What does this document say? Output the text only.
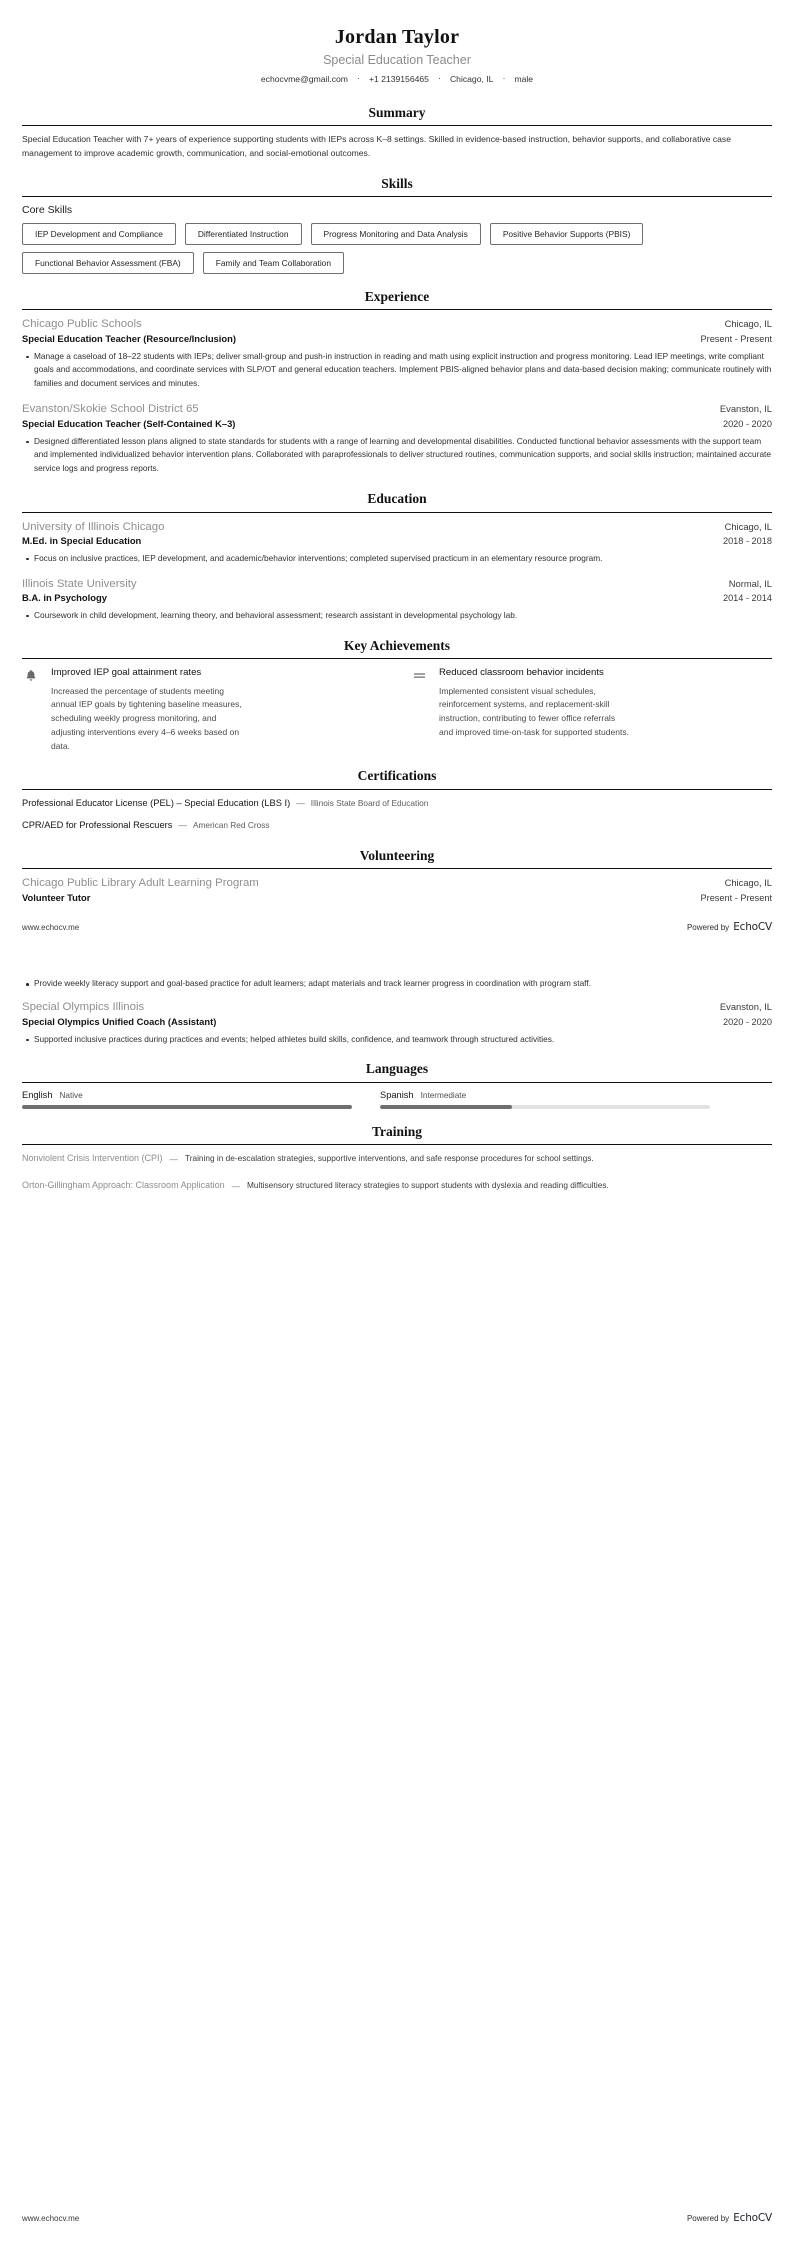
Jordan Taylor
Special Education Teacher
echocvme@gmail.com · +1 2139156465 · Chicago, IL · male
Summary

Special Education Teacher with 7+ years of experience supporting students with IEPs across K–8 settings. Skilled in evidence-based instruction, behavior supports, and collaborative case management to improve academic growth, communication, and social-emotional outcomes.

Skills
Core Skills
IEP Development and Compliance	Differentiated Instruction	Progress Monitoring and Data Analysis	Positive Behavior Supports (PBIS)
Functional Behavior Assessment (FBA)	Family and Team Collaboration
Experience
Chicago Public Schools	Chicago, IL
Special Education Teacher (Resource/Inclusion)	Present - Present
Manage a caseload of 18–22 students with IEPs; deliver small-group and push-in instruction in reading and math using explicit instruction and progress monitoring. Lead IEP meetings, write compliant goals and accommodations, and coordinate services with SLP/OT and general education teachers. Implement PBIS-aligned behavior plans and data-based decision making; communicate routinely with families and document services and minutes.
Evanston/Skokie School District 65	Evanston, IL
Special Education Teacher (Self-Contained K–3)	2020 - 2020
Designed differentiated lesson plans aligned to state standards for students with a range of learning and developmental disabilities. Conducted functional behavior assessments with the support team and implemented individualized behavior intervention plans. Collaborated with paraprofessionals to deliver structured routines, communication supports, and social skills instruction; maintained accurate service logs and progress reports.
Education
University of Illinois Chicago	Chicago, IL
M.Ed. in Special Education	2018 - 2018
Focus on inclusive practices, IEP development, and academic/behavior interventions; completed supervised practicum in an elementary resource program.
Illinois State University	Normal, IL
B.A. in Psychology	2014 - 2014
Coursework in child development, learning theory, and behavioral assessment; research assistant in developmental psychology lab.
Key Achievements
Improved IEP goal attainment rates
Increased the percentage of students meeting annual IEP goals by tightening baseline measures, scheduling weekly progress monitoring, and adjusting interventions every 4–6 weeks based on data.
Reduced classroom behavior incidents
Implemented consistent visual schedules, reinforcement systems, and replacement-skill instruction, contributing to fewer office referrals and improved time-on-task for supported students.
Certifications
Professional Educator License (PEL) – Special Education (LBS I) — Illinois State Board of Education
CPR/AED for Professional Rescuers — American Red Cross
Volunteering
Chicago Public Library Adult Learning Program	Chicago, IL
Volunteer Tutor	Present - Present
www.echocv.me	Powered by EchoCV
Provide weekly literacy support and goal-based practice for adult learners; adapt materials and track learner progress in coordination with program staff.
Special Olympics Illinois	Evanston, IL
Special Olympics Unified Coach (Assistant)	2020 - 2020
Supported inclusive practices during practices and events; helped athletes build skills, confidence, and teamwork through structured activities.
Languages
English Native	Spanish Intermediate
Training
Nonviolent Crisis Intervention (CPI) — Training in de-escalation strategies, supportive interventions, and safe response procedures for school settings.
Orton-Gillingham Approach: Classroom Application — Multisensory structured literacy strategies to support students with dyslexia and reading difficulties.
www.echocv.me	Powered by EchoCV
